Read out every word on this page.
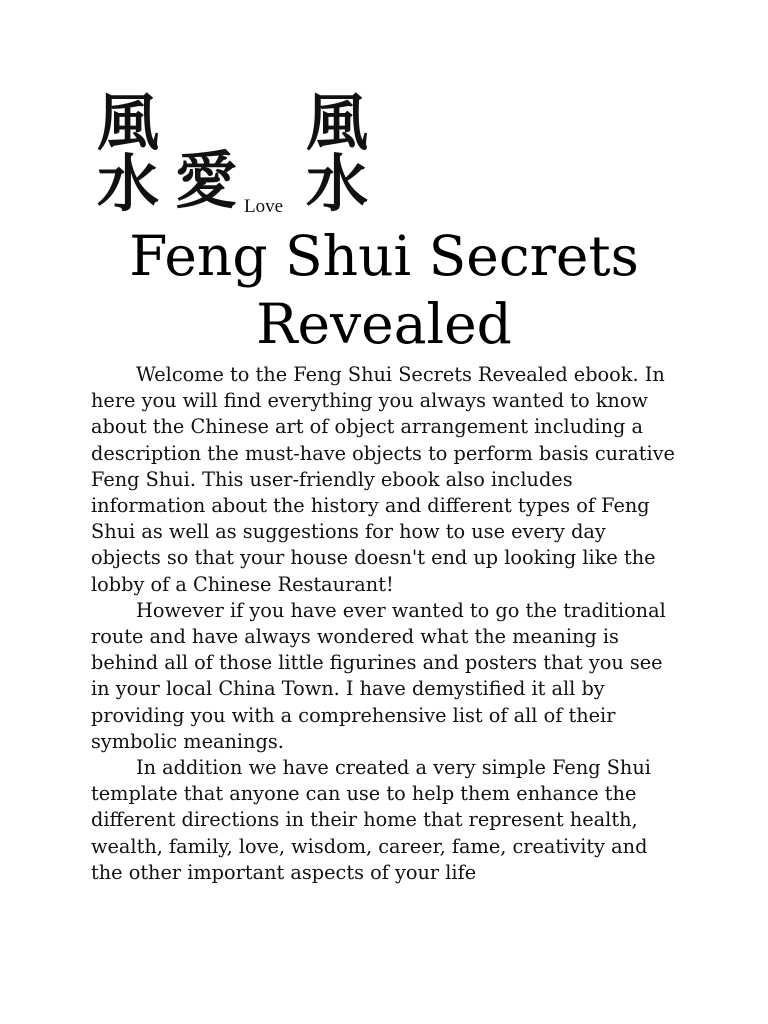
風
水 愛 Love
風
水
Feng Shui Secrets Revealed

Welcome to the Feng Shui Secrets Revealed ebook. In here you will find everything you always wanted to know about the Chinese art of object arrangement including a description the must-have objects to perform basis curative Feng Shui. This user-friendly ebook also includes information about the history and different types of Feng Shui as well as suggestions for how to use every day objects so that your house doesn't end up looking like the lobby of a Chinese Restaurant!

However if you have ever wanted to go the traditional route and have always wondered what the meaning is behind all of those little figurines and posters that you see in your local China Town. I have demystified it all by providing you with a comprehensive list of all of their symbolic meanings.

In addition we have created a very simple Feng Shui template that anyone can use to help them enhance the different directions in their home that represent health, wealth, family, love, wisdom, career, fame, creativity and the other important aspects of your life
